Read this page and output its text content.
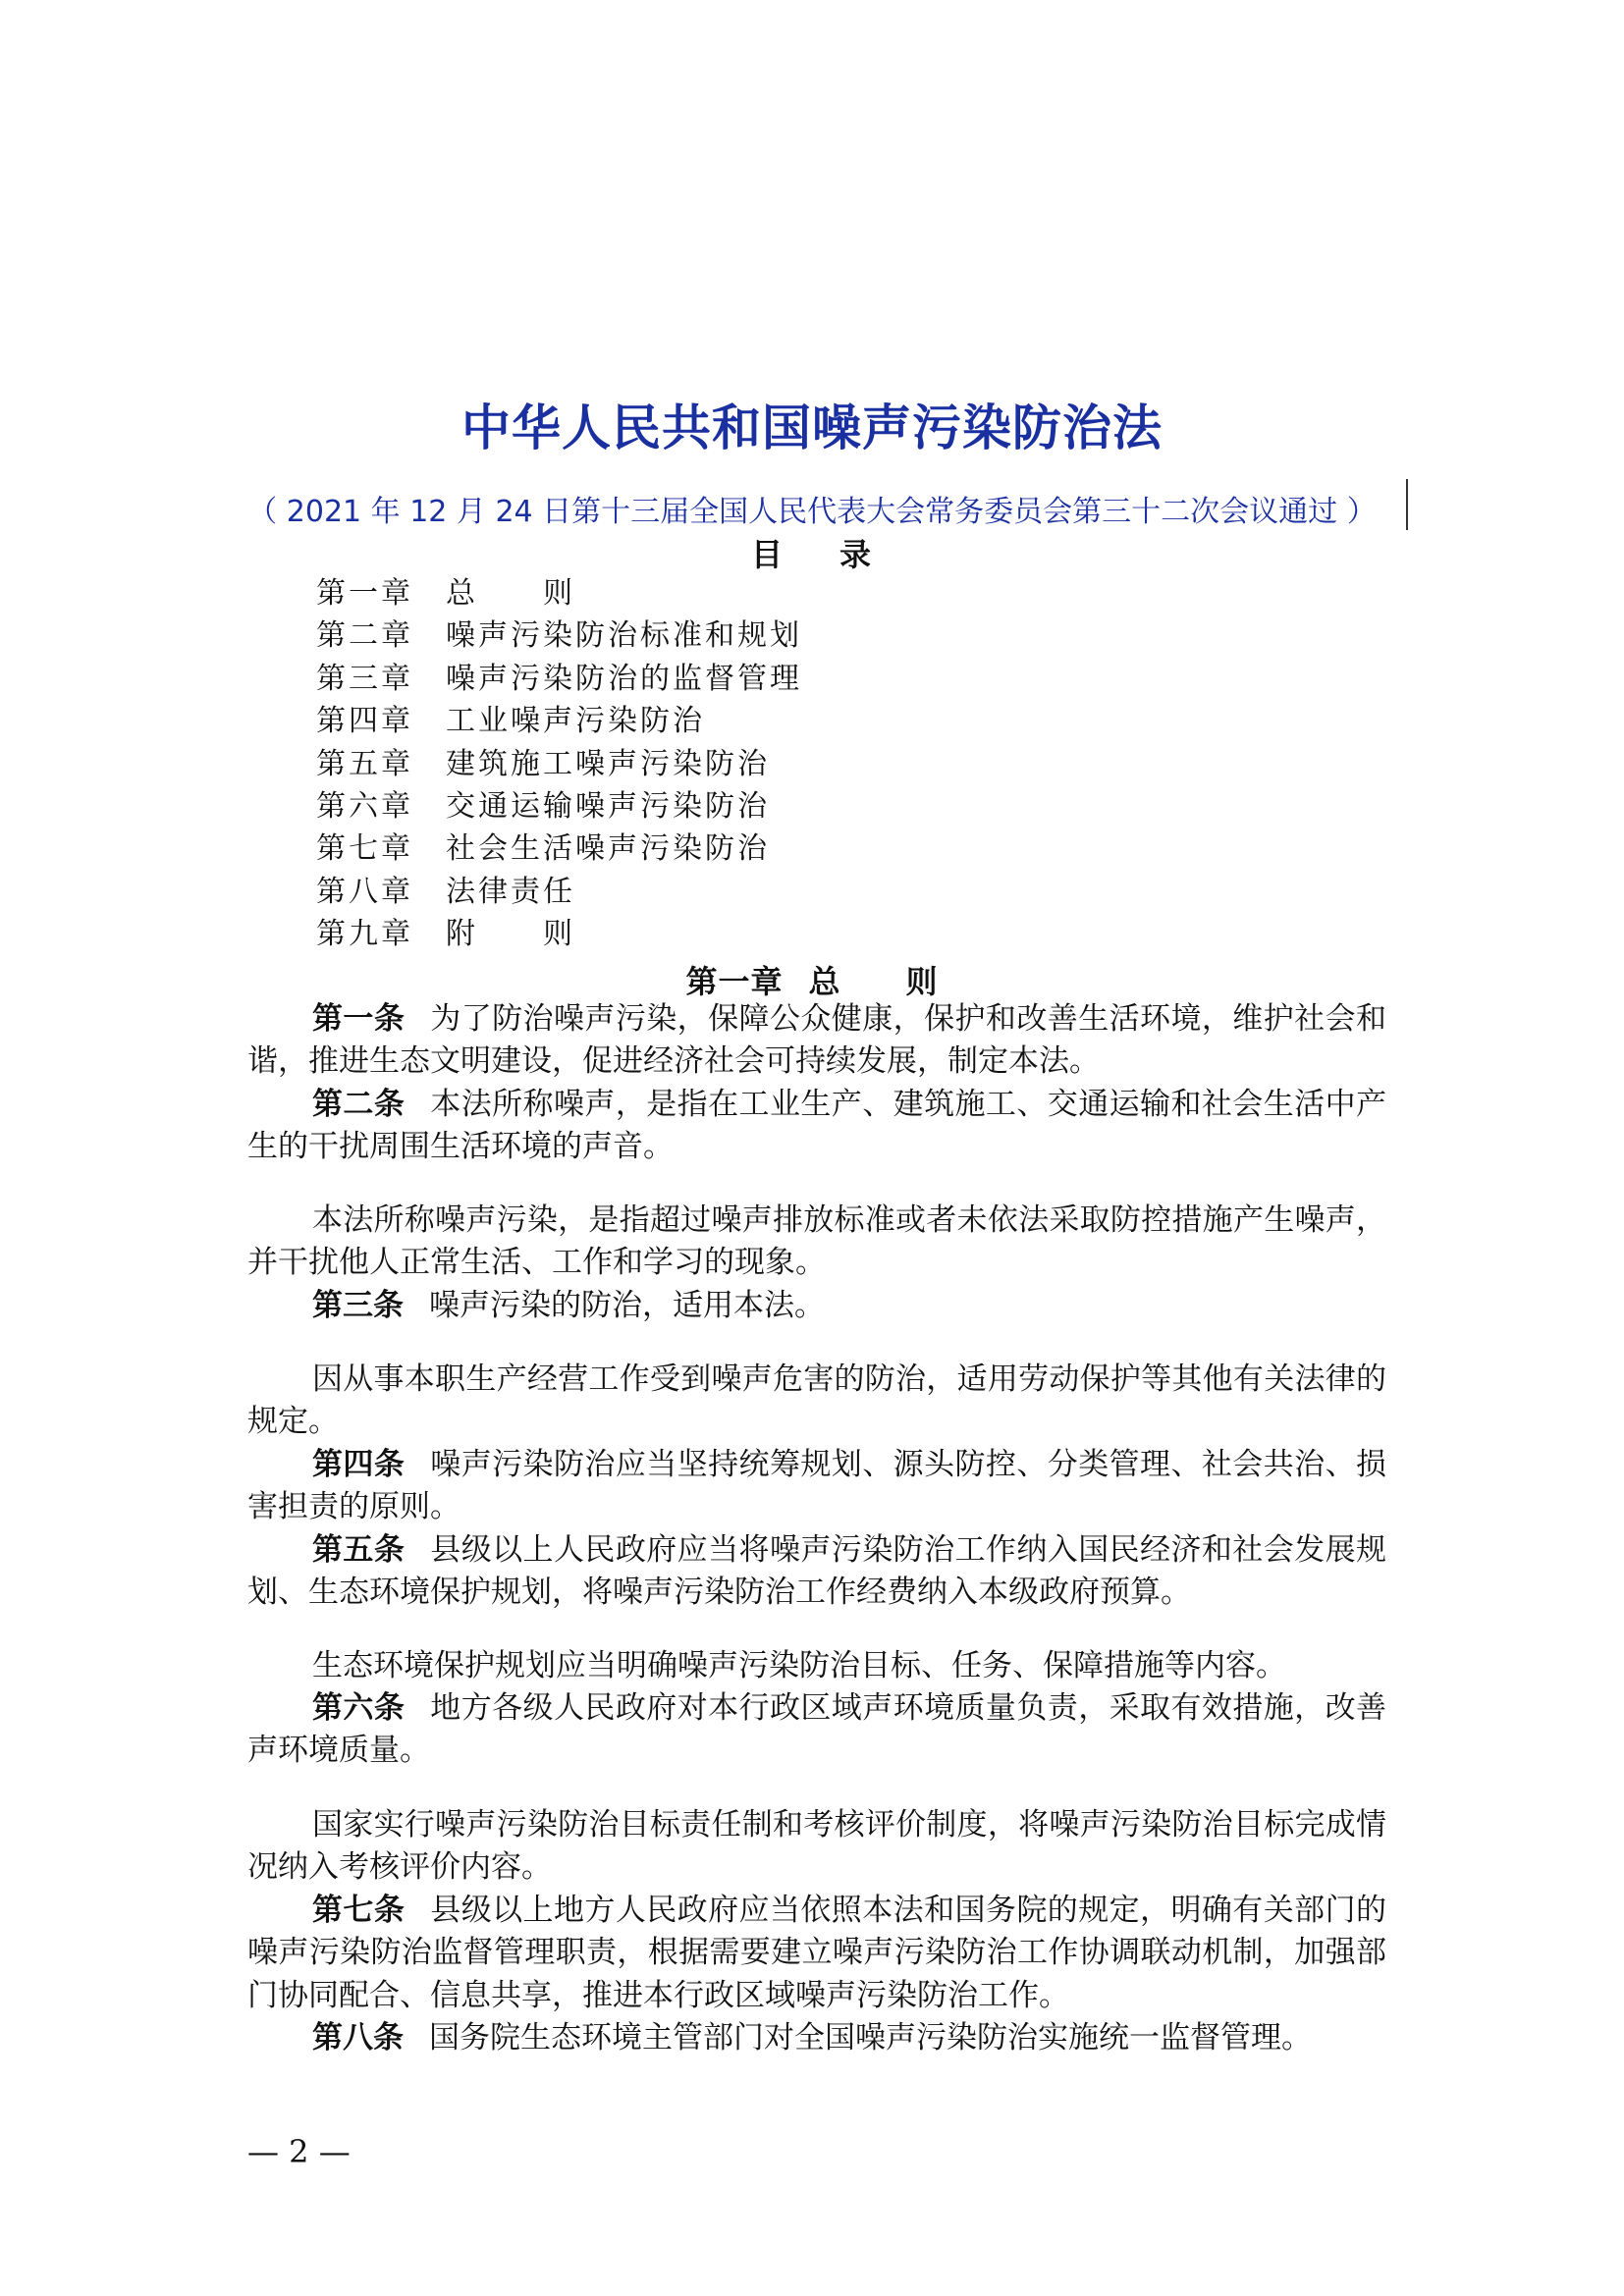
中华人民共和国噪声污染防治法
（ 2021 年 12 月 24 日第十三届全国人民代表大会常务委员会第三十二次会议通过 ）
目 录
第一章 总　　则
第二章 噪声污染防治标准和规划
第三章 噪声污染防治的监督管理
第四章 工业噪声污染防治
第五章 建筑施工噪声污染防治
第六章 交通运输噪声污染防治
第七章 社会生活噪声污染防治
第八章 法律责任
第九章 附　　则
第一章 总　　则

第一条 为了防治噪声污染，保障公众健康，保护和改善生活环境，维护社会和谐，推进生态文明建设，促进经济社会可持续发展，制定本法。

第二条 本法所称噪声，是指在工业生产、建筑施工、交通运输和社会生活中产生的干扰周围生活环境的声音。

本法所称噪声污染，是指超过噪声排放标准或者未依法采取防控措施产生噪声，并干扰他人正常生活、工作和学习的现象。

第三条 噪声污染的防治，适用本法。

因从事本职生产经营工作受到噪声危害的防治，适用劳动保护等其他有关法律的规定。

第四条 噪声污染防治应当坚持统筹规划、源头防控、分类管理、社会共治、损害担责的原则。

第五条 县级以上人民政府应当将噪声污染防治工作纳入国民经济和社会发展规划、生态环境保护规划，将噪声污染防治工作经费纳入本级政府预算。

生态环境保护规划应当明确噪声污染防治目标、任务、保障措施等内容。

第六条 地方各级人民政府对本行政区域声环境质量负责，采取有效措施，改善声环境质量。

国家实行噪声污染防治目标责任制和考核评价制度，将噪声污染防治目标完成情况纳入考核评价内容。

第七条 县级以上地方人民政府应当依照本法和国务院的规定，明确有关部门的噪声污染防治监督管理职责，根据需要建立噪声污染防治工作协调联动机制，加强部门协同配合、信息共享，推进本行政区域噪声污染防治工作。

第八条 国务院生态环境主管部门对全国噪声污染防治实施统一监督管理。

— 2 —
